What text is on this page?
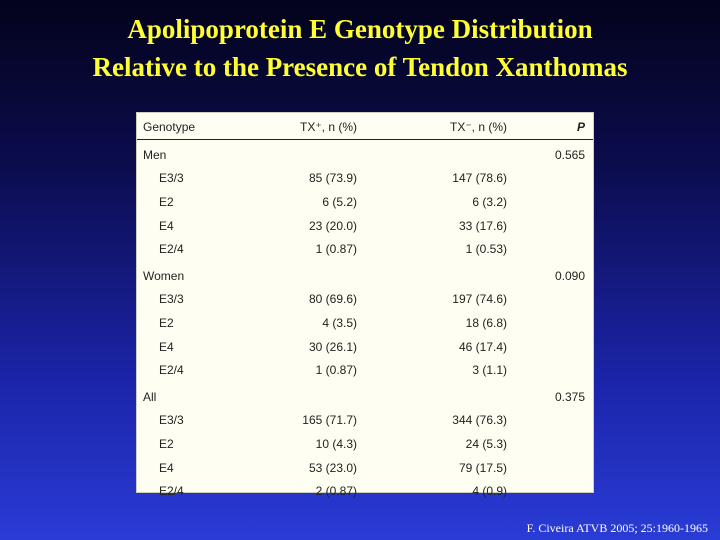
Apolipoprotein E Genotype Distribution
Relative to the Presence of Tendon Xanthomas
Genotype	TX⁺, n (%)	TX⁻, n (%)	P
Men			0.565
E3/3	85 (73.9)	147 (78.6)	
E2	6 (5.2)	6 (3.2)	
E4	23 (20.0)	33 (17.6)	
E2/4	1 (0.87)	1 (0.53)	
Women			0.090
E3/3	80 (69.6)	197 (74.6)	
E2	4 (3.5)	18 (6.8)	
E4	30 (26.1)	46 (17.4)	
E2/4	1 (0.87)	3 (1.1)	
All			0.375
E3/3	165 (71.7)	344 (76.3)	
E2	10 (4.3)	24 (5.3)	
E4	53 (23.0)	79 (17.5)	
E2/4	2 (0.87)	4 (0.9)	
F. Civeira ATVB 2005; 25:1960-1965
